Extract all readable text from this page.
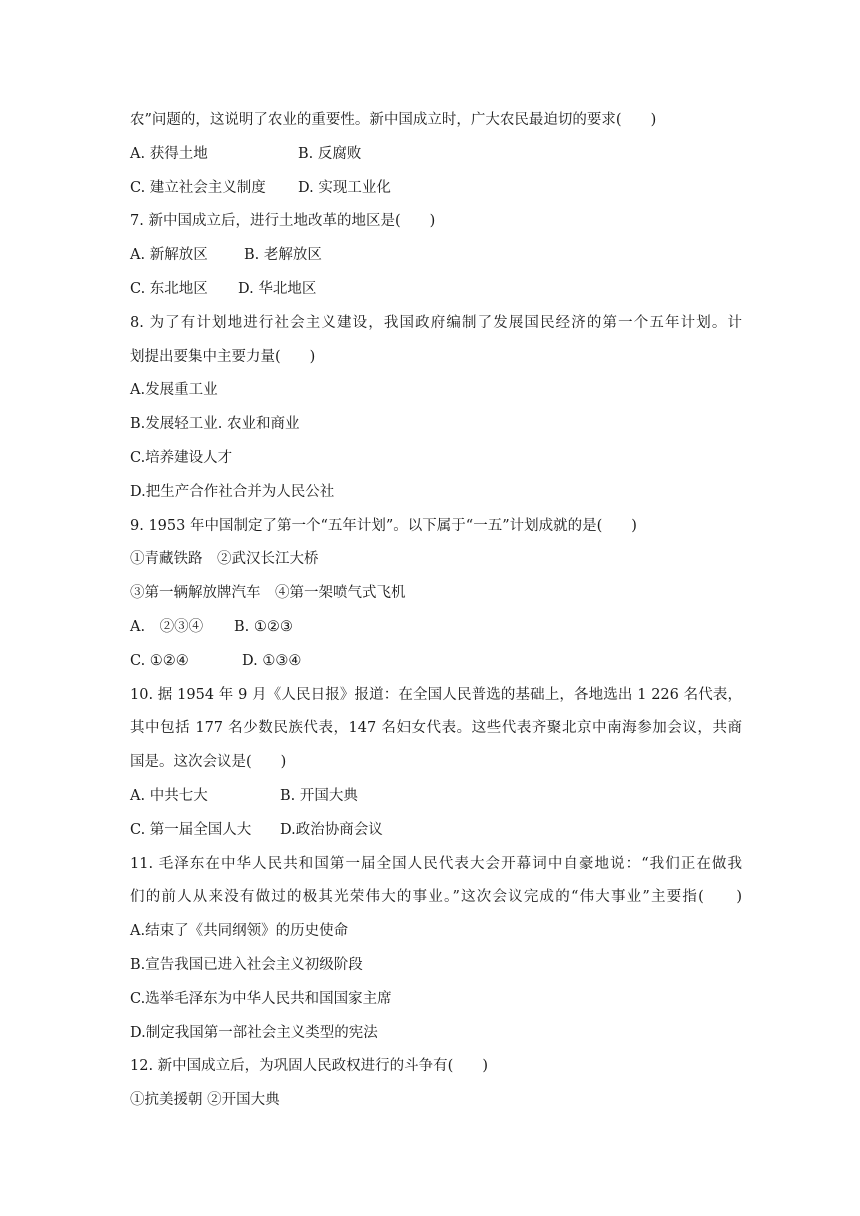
农”问题的，这说明了农业的重要性。新中国成立时，广大农民最迫切的要求(　　)
A. 获得土地	B. 反腐败
C. 建立社会主义制度	D. 实现工业化
7. 新中国成立后，进行土地改革的地区是(　　)
A. 新解放区	B. 老解放区
C. 东北地区	D. 华北地区
8. 为了有计划地进行社会主义建设，我国政府编制了发展国民经济的第一个五年计划。计
划提出要集中主要力量(　　)
A.发展重工业
B.发展轻工业. 农业和商业
C.培养建设人才
D.把生产合作社合并为人民公社
9. 1953 年中国制定了第一个“五年计划”。以下属于“一五”计划成就的是(　　)
①青藏铁路　②武汉长江大桥
③第一辆解放牌汽车　④第一架喷气式飞机
A.　②③④	B. ①②③
C. ①②④	D. ①③④
10. 据 1954 年 9 月《人民日报》报道：在全国人民普选的基础上，各地选出 1 226 名代表，
其中包括 177 名少数民族代表，147 名妇女代表。这些代表齐聚北京中南海参加会议，共商
国是。这次会议是(　　)
A. 中共七大	B. 开国大典
C. 第一届全国人大	D.政治协商会议
11. 毛泽东在中华人民共和国第一届全国人民代表大会开幕词中自豪地说：“我们正在做我
们的前人从来没有做过的极其光荣伟大的事业。”这次会议完成的“伟大事业”主要指(　　)
A.结束了《共同纲领》的历史使命
B.宣告我国已进入社会主义初级阶段
C.选举毛泽东为中华人民共和国国家主席
D.制定我国第一部社会主义类型的宪法
12. 新中国成立后，为巩固人民政权进行的斗争有(　　)
①抗美援朝 ②开国大典
